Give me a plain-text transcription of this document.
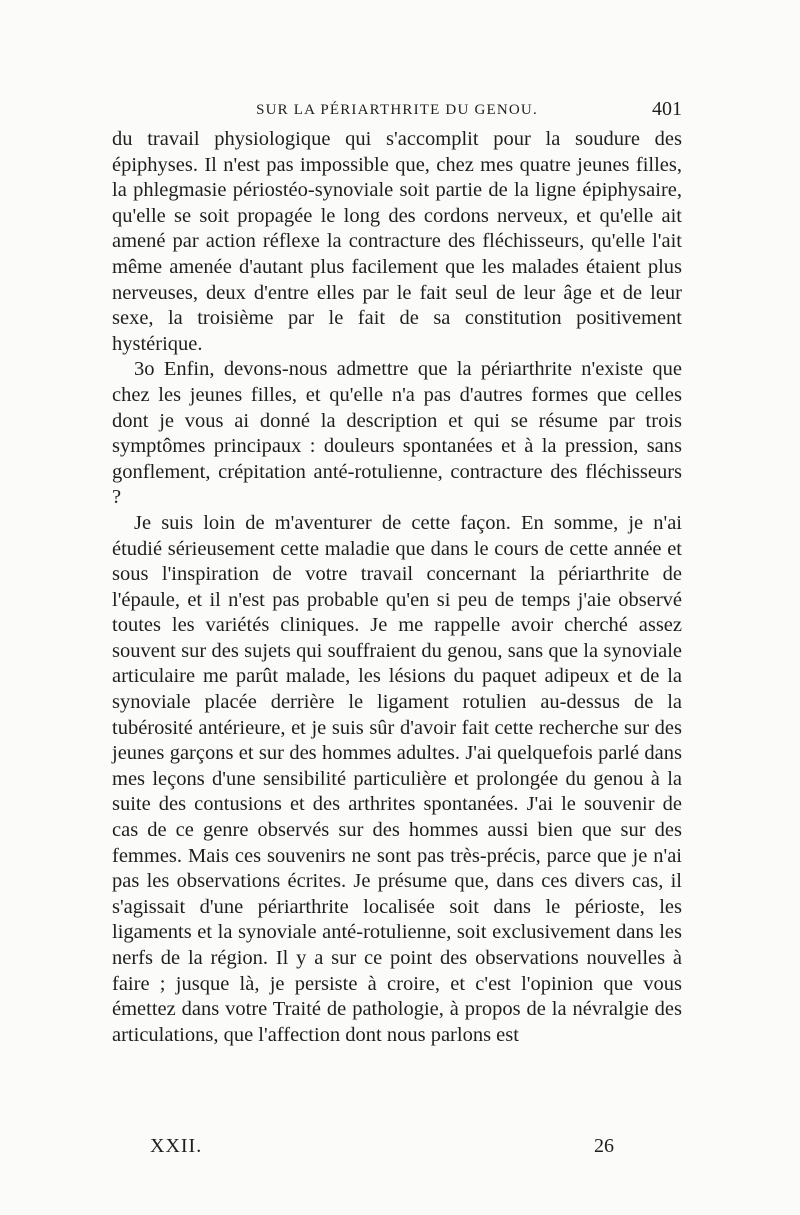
SUR LA PÉRIARTHRITE DU GENOU.	401

du travail physiologique qui s'accomplit pour la soudure des épiphyses. Il n'est pas impossible que, chez mes quatre jeunes filles, la phlegmasie périostéo-synoviale soit partie de la ligne épiphysaire, qu'elle se soit propagée le long des cordons nerveux, et qu'elle ait amené par action réflexe la contracture des fléchisseurs, qu'elle l'ait même amenée d'autant plus facilement que les malades étaient plus nerveuses, deux d'entre elles par le fait seul de leur âge et de leur sexe, la troisième par le fait de sa constitution positivement hystérique.

3o Enfin, devons-nous admettre que la périarthrite n'existe que chez les jeunes filles, et qu'elle n'a pas d'autres formes que celles dont je vous ai donné la description et qui se résume par trois symptômes principaux : douleurs spontanées et à la pression, sans gonflement, crépitation anté-rotulienne, contracture des fléchisseurs ?

Je suis loin de m'aventurer de cette façon. En somme, je n'ai étudié sérieusement cette maladie que dans le cours de cette année et sous l'inspiration de votre travail concernant la périarthrite de l'épaule, et il n'est pas probable qu'en si peu de temps j'aie observé toutes les variétés cliniques. Je me rappelle avoir cherché assez souvent sur des sujets qui souffraient du genou, sans que la synoviale articulaire me parût malade, les lésions du paquet adipeux et de la synoviale placée derrière le ligament rotulien au-dessus de la tubérosité antérieure, et je suis sûr d'avoir fait cette recherche sur des jeunes garçons et sur des hommes adultes. J'ai quelquefois parlé dans mes leçons d'une sensibilité particulière et prolongée du genou à la suite des contusions et des arthrites spontanées. J'ai le souvenir de cas de ce genre observés sur des hommes aussi bien que sur des femmes. Mais ces souvenirs ne sont pas très-précis, parce que je n'ai pas les observations écrites. Je présume que, dans ces divers cas, il s'agissait d'une périarthrite localisée soit dans le périoste, les ligaments et la synoviale anté-rotulienne, soit exclusivement dans les nerfs de la région. Il y a sur ce point des observations nouvelles à faire ; jusque là, je persiste à croire, et c'est l'opinion que vous émettez dans votre Traité de pathologie, à propos de la névralgie des articulations, que l'affection dont nous parlons est

XXII.	26
